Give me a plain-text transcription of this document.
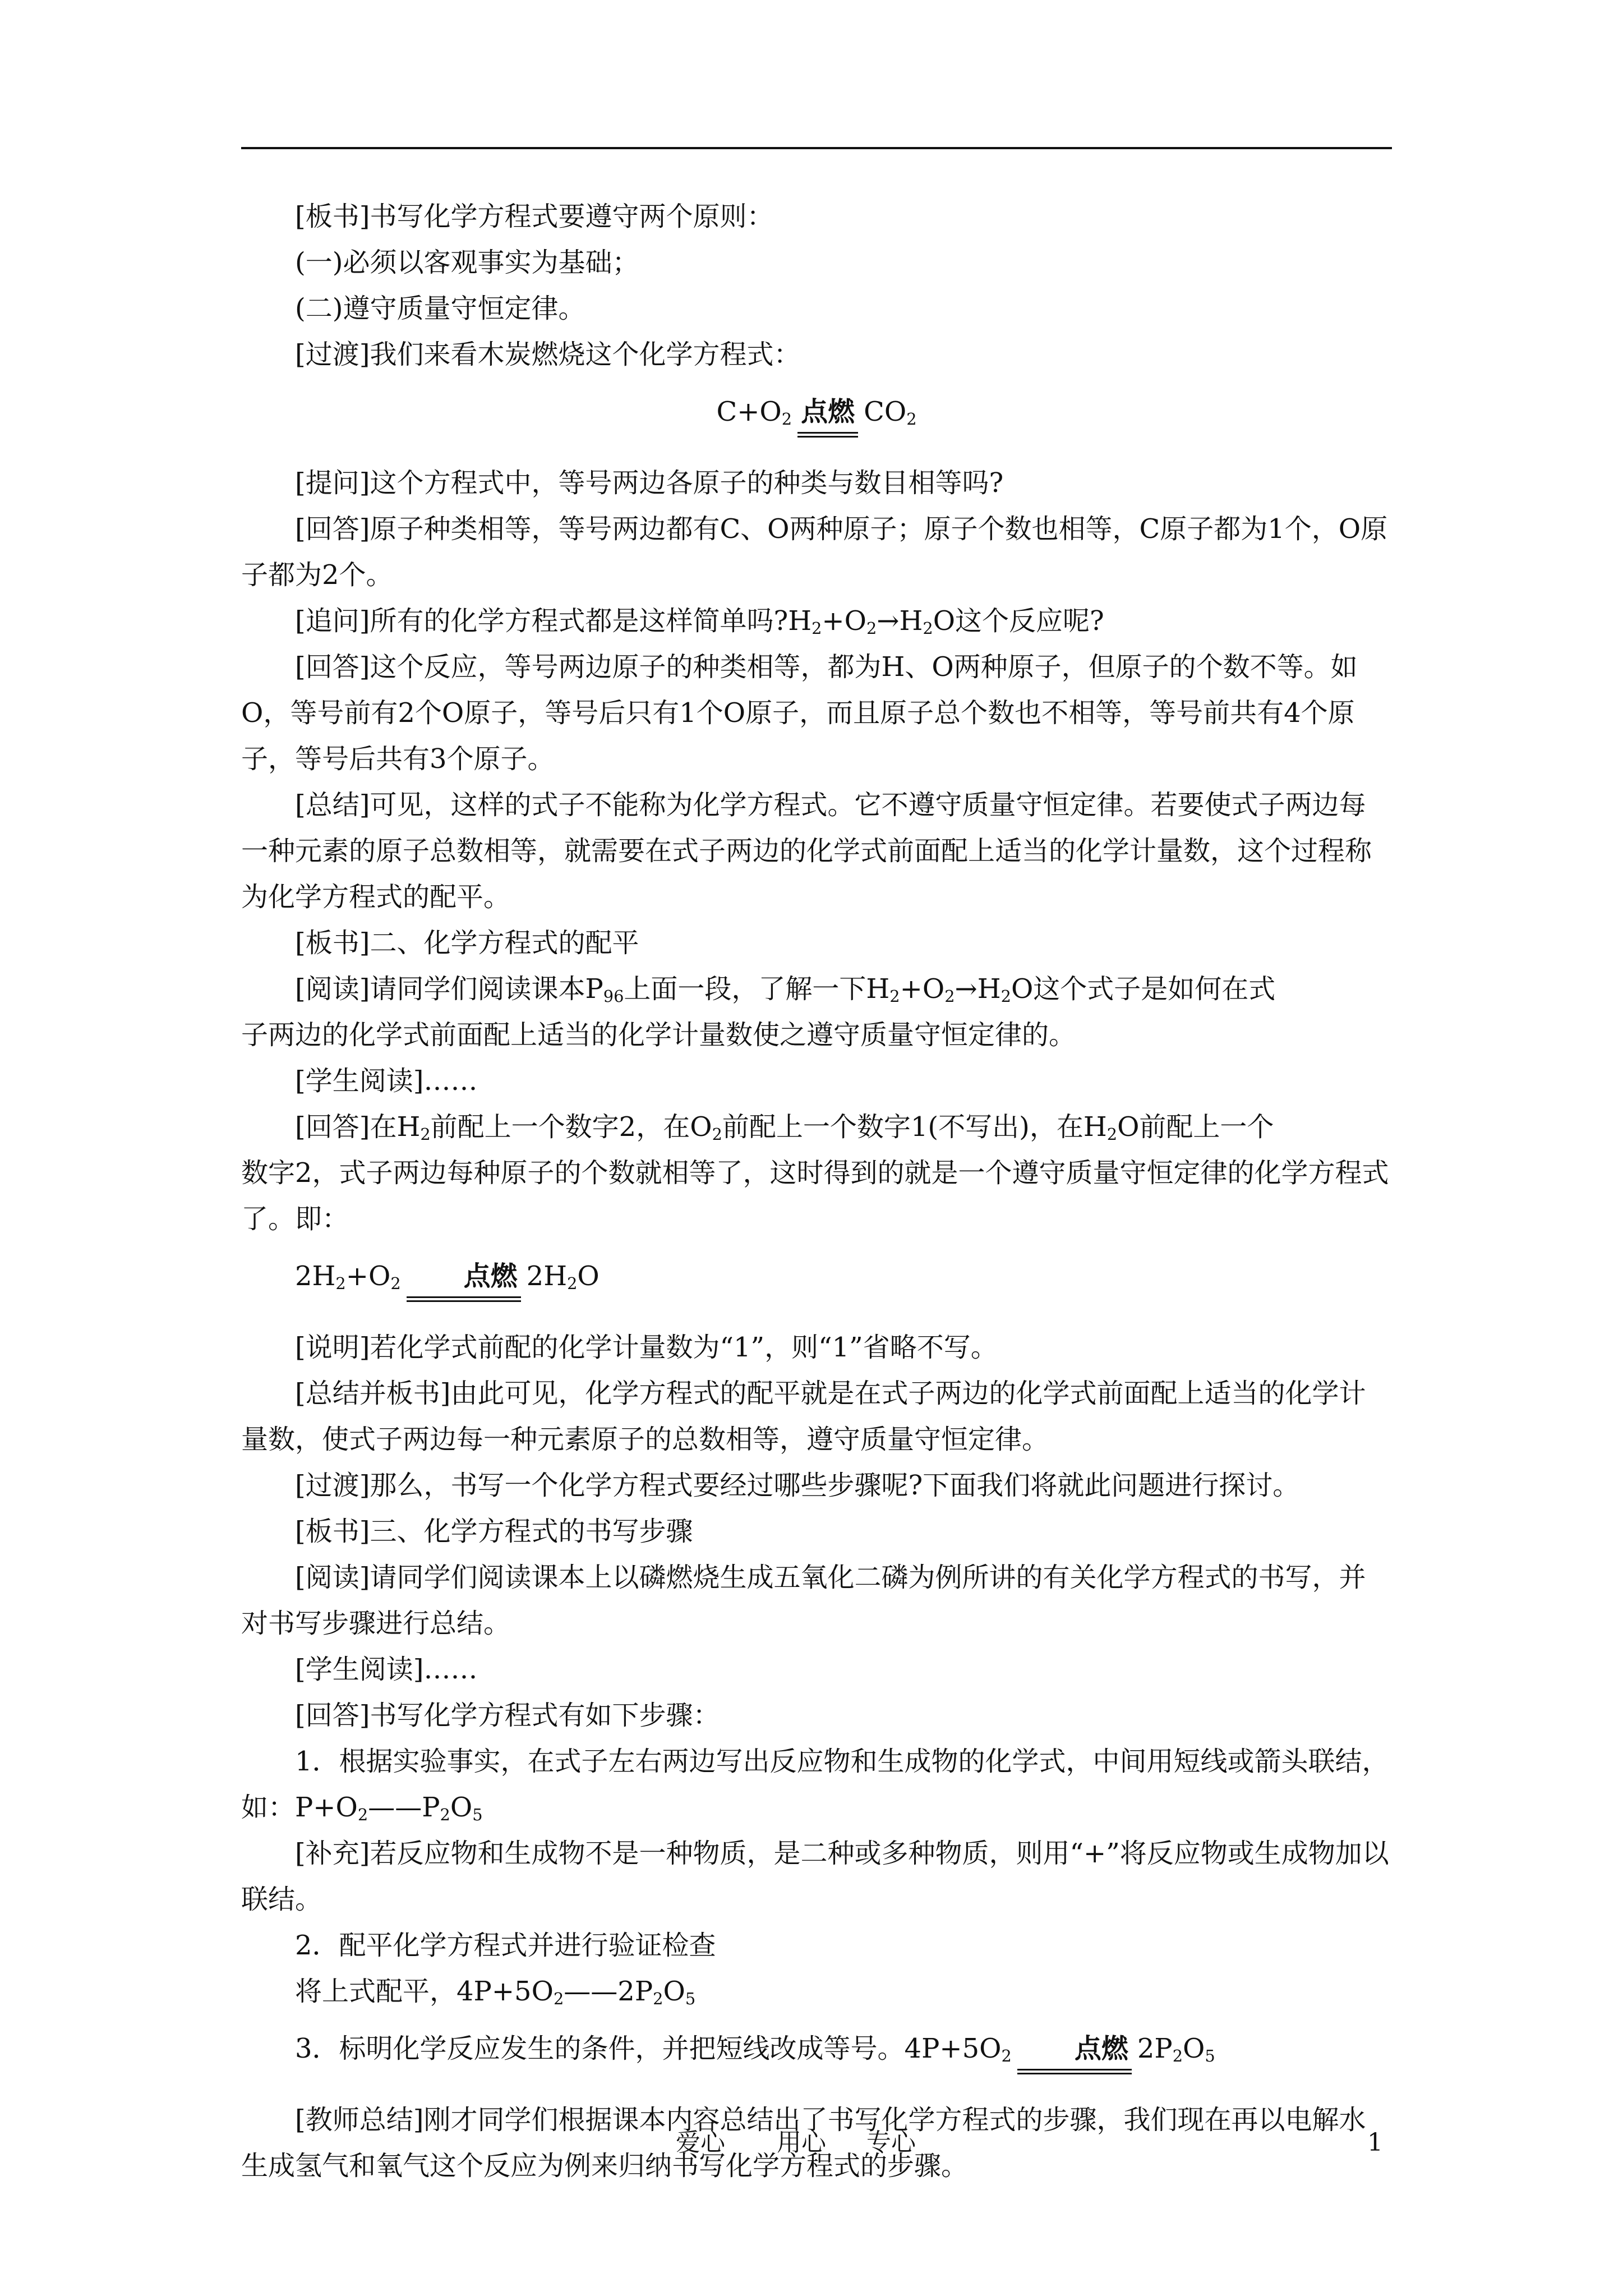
[板书]书写化学方程式要遵守两个原则：

(一)必须以客观事实为基础；

(二)遵守质量守恒定律。

[过渡]我们来看木炭燃烧这个化学方程式：

$C+O_2$ 点燃 $CO_2$

[提问]这个方程式中，等号两边各原子的种类与数目相等吗?

[回答]原子种类相等，等号两边都有C、O两种原子；原子个数也相等，C原子都为1个，O原子都为2个。

[追问]所有的化学方程式都是这样简单吗$?H_2+O_2\to H_2O$这个反应呢?

[回答]这个反应，等号两边原子的种类相等，都为H、O两种原子，但原子的个数不等。如O，等号前有2个O原子，等号后只有1个O原子，而且原子总个数也不相等，等号前共有4个原子，等号后共有3个原子。

[总结]可见，这样的式子不能称为化学方程式。它不遵守质量守恒定律。若要使式子两边每一种元素的原子总数相等，就需要在式子两边的化学式前面配上适当的化学计量数，这个过程称为化学方程式的配平。

[板书]二、化学方程式的配平

[阅读]请同学们阅读课本$P_{96}$上面一段，了解一下$H_2+O_2\to H_2O$这个式子是如何在式
子两边的化学式前面配上适当的化学计量数使之遵守质量守恒定律的。

[学生阅读]……

[回答]在$H_2$前配上一个数字2，在$O_2$前配上一个数字1(不写出)，在$H_2O$前配上一个
数字2，式子两边每种原子的个数就相等了，这时得到的就是一个遵守质量守恒定律的化学方程式了。即：

$2H_2+O_2$ 点燃 $2H_2O$

[说明]若化学式前配的化学计量数为“1”，则“1”省略不写。

[总结并板书]由此可见，化学方程式的配平就是在式子两边的化学式前面配上适当的化学计量数，使式子两边每一种元素原子的总数相等，遵守质量守恒定律。

[过渡]那么，书写一个化学方程式要经过哪些步骤呢?下面我们将就此问题进行探讨。

[板书]三、化学方程式的书写步骤

[阅读]请同学们阅读课本上以磷燃烧生成五氧化二磷为例所讲的有关化学方程式的书写，并对书写步骤进行总结。

[学生阅读]……

[回答]书写化学方程式有如下步骤：

1．根据实验事实，在式子左右两边写出反应物和生成物的化学式，中间用短线或箭头联结，如：$P+O_2——P_2O_5$

[补充]若反应物和生成物不是一种物质，是二种或多种物质，则用“+”将反应物或生成物加以联结。

2．配平化学方程式并进行验证检查

将上式配平，$4P+5O_2——2P_2O_5$

3．标明化学反应发生的条件，并把短线改成等号。$4P+5O_2$ 点燃 $2P_2O_5$

[教师总结]刚才同学们根据课本内容总结出了书写化学方程式的步骤，我们现在再以电解水生成氢气和氧气这个反应为例来归纳书写化学方程式的步骤。

爱心 用心 专心	1
